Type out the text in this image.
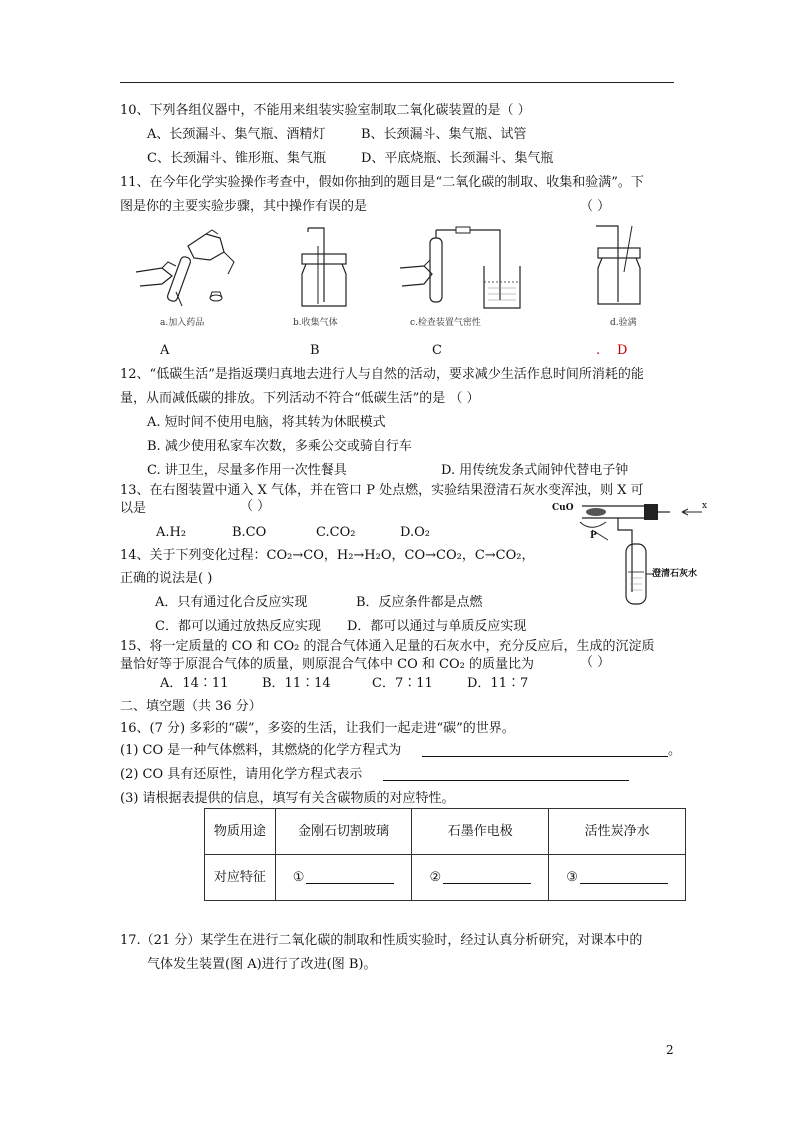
10、下列各组仪器中，不能用来组装实验室制取二氧化碳装置的是（ ）
A、长颈漏斗、集气瓶、酒精灯	B、长颈漏斗、集气瓶、试管
C、长颈漏斗、锥形瓶、集气瓶	D、平底烧瓶、长颈漏斗、集气瓶
11、在今年化学实验操作考查中，假如你抽到的题目是“二氧化碳的制取、收集和验满”。下
图是你的主要实验步骤，其中操作有误的是	（ ）
a.加入药品	b.收集气体	c.检查装置气密性	d.验满
A	B	C	. D
12、“低碳生活”是指返璞归真地去进行人与自然的活动，要求减少生活作息时间所消耗的能
量，从而减低碳的排放。下列活动不符合“低碳生活”的是 （ ）
A. 短时间不使用电脑，将其转为休眠模式
B. 减少使用私家车次数，多乘公交或骑自行车
C. 讲卫生，尽量多作用一次性餐具	D. 用传统发条式闹钟代替电子钟
13、在右图装置中通入 X 气体，并在管口 P 处点燃，实验结果澄清石灰水变浑浊，则 X 可
以是	（ ）
A.H₂	B.CO	C.CO₂	D.O₂
CuO	x
P
澄清石灰水
14、关于下列变化过程：CO₂→CO，H₂→H₂O，CO→CO₂，C→CO₂，
正确的说法是( )
A．只有通过化合反应实现	B．反应条件都是点燃
C．都可以通过放热反应实现 D．都可以通过与单质反应实现
15、将一定质量的 CO 和 CO₂ 的混合气体通入足量的石灰水中，充分反应后，生成的沉淀质
量恰好等于原混合气体的质量，则原混合气体中 CO 和 CO₂ 的质量比为	（ ）
A．14∶11	B．11∶14	C．7∶11	D．11∶7
二、填空题（共 36 分）
16、(7 分) 多彩的“碳”，多姿的生活，让我们一起走进“碳”的世界。
(1) CO 是一种气体燃料，其燃烧的化学方程式为	。
(2) CO 具有还原性，请用化学方程式表示
(3) 请根据表提供的信息，填写有关含碳物质的对应特性。
物质用途	金刚石切割玻璃	石墨作电极	活性炭净水
对应特征	①	②	③
17.（21 分）某学生在进行二氧化碳的制取和性质实验时，经过认真分析研究，对课本中的
气体发生装置(图 A)进行了改进(图 B)。
2
